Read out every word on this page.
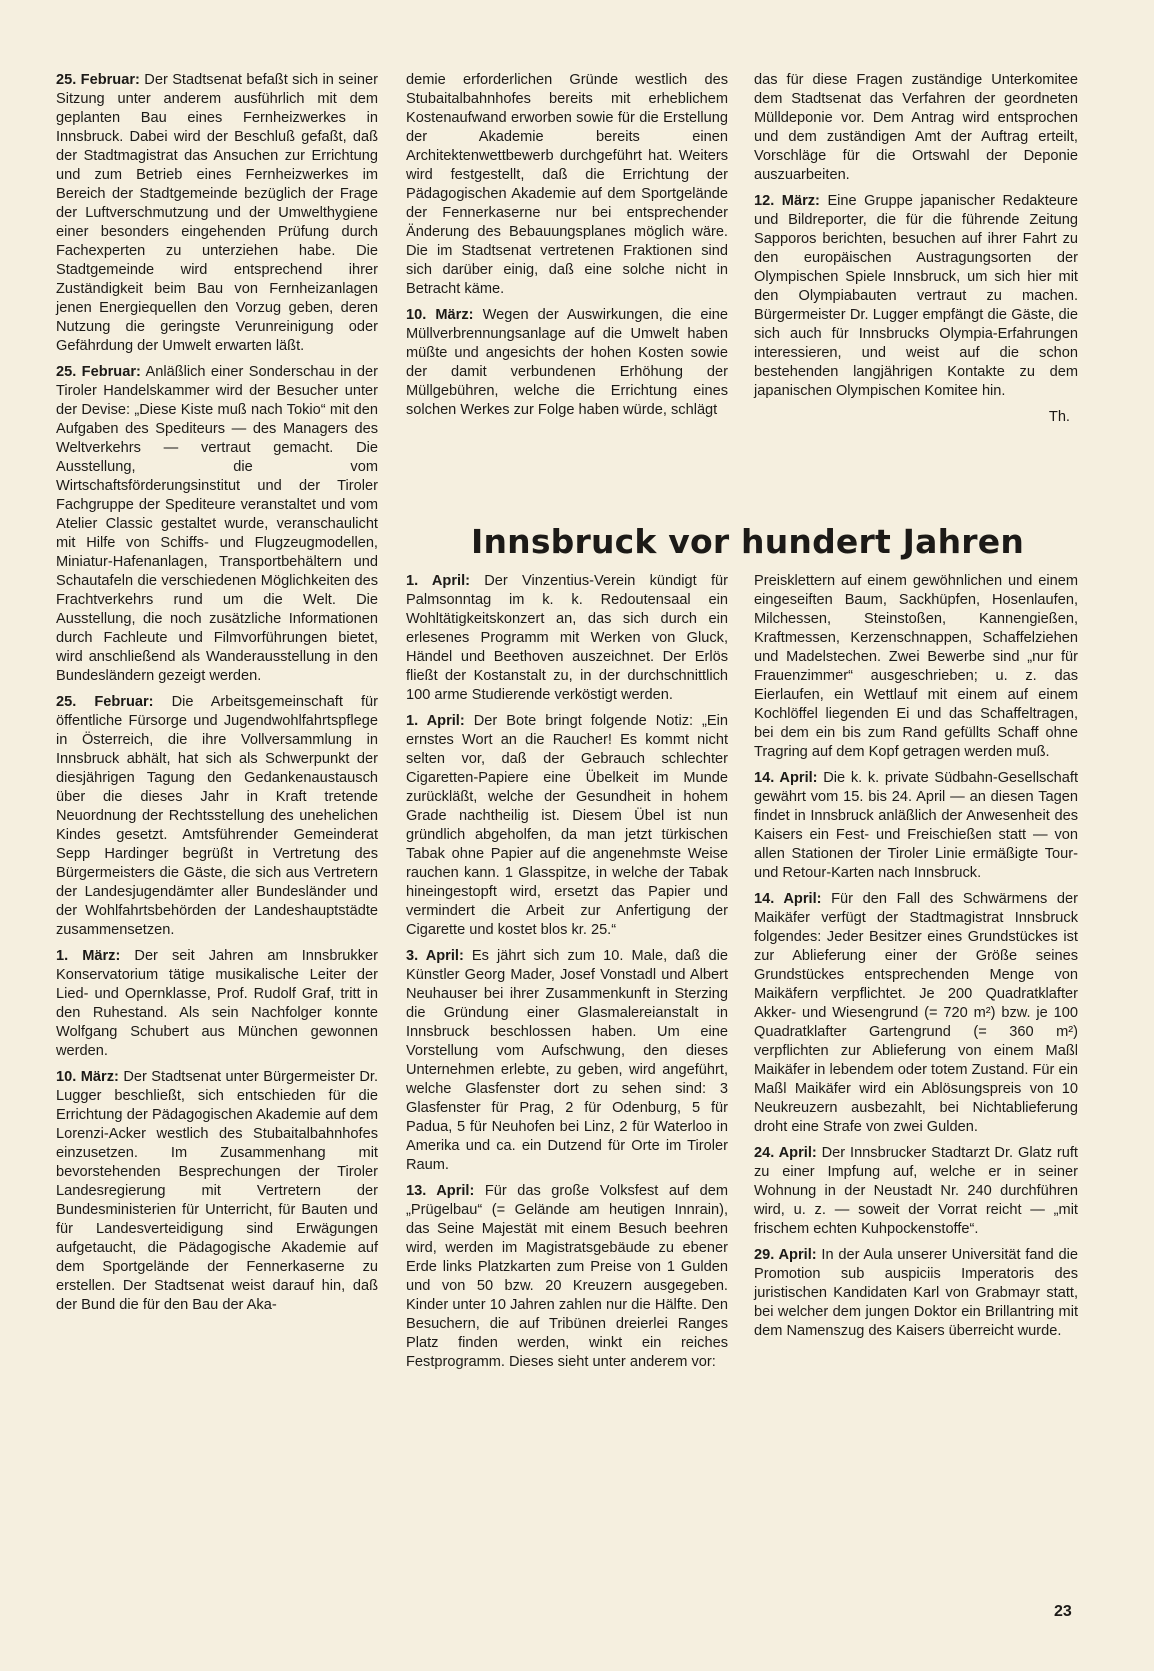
25. Februar: Der Stadtsenat befaßt sich in seiner Sitzung unter anderem ausführlich mit dem geplanten Bau eines Fernheizwerkes in Innsbruck. Dabei wird der Beschluß gefaßt, daß der Stadtmagistrat das Ansuchen zur Errichtung und zum Betrieb eines Fernheizwerkes im Bereich der Stadtgemeinde bezüglich der Frage der Luftverschmutzung und der Umwelthygiene einer besonders eingehenden Prüfung durch Fachexperten zu unterziehen habe. Die Stadtgemeinde wird entsprechend ihrer Zuständigkeit beim Bau von Fernheizanlagen jenen Energiequellen den Vorzug geben, deren Nutzung die geringste Verunreinigung oder Gefährdung der Umwelt erwarten läßt.

25. Februar: Anläßlich einer Sonderschau in der Tiroler Handelskammer wird der Besucher unter der Devise: „Diese Kiste muß nach Tokio“ mit den Aufgaben des Spediteurs — des Managers des Weltverkehrs — vertraut gemacht. Die Ausstellung, die vom Wirtschaftsförderungsinstitut und der Tiroler Fachgruppe der Spediteure veranstaltet und vom Atelier Classic gestaltet wurde, veranschaulicht mit Hilfe von Schiffs- und Flugzeugmodellen, Miniatur-Hafenanlagen, Transportbehältern und Schautafeln die verschiedenen Möglichkeiten des Frachtverkehrs rund um die Welt. Die Ausstellung, die noch zusätzliche Informationen durch Fachleute und Filmvorführungen bietet, wird anschließend als Wanderausstellung in den Bundesländern gezeigt werden.

25. Februar: Die Arbeitsgemeinschaft für öffentliche Fürsorge und Jugendwohlfahrtspflege in Österreich, die ihre Vollversammlung in Innsbruck abhält, hat sich als Schwerpunkt der diesjährigen Tagung den Gedankenaustausch über die dieses Jahr in Kraft tretende Neuordnung der Rechtsstellung des unehelichen Kindes gesetzt. Amtsführender Gemeinderat Sepp Hardinger begrüßt in Vertretung des Bürgermeisters die Gäste, die sich aus Vertretern der Landesjugendämter aller Bundesländer und der Wohlfahrtsbehörden der Landeshauptstädte zusammensetzen.

1. März: Der seit Jahren am Innsbrukker Konservatorium tätige musikalische Leiter der Lied- und Opernklasse, Prof. Rudolf Graf, tritt in den Ruhestand. Als sein Nachfolger konnte Wolfgang Schubert aus München gewonnen werden.

10. März: Der Stadtsenat unter Bürgermeister Dr. Lugger beschließt, sich entschieden für die Errichtung der Pädagogischen Akademie auf dem Lorenzi-Acker westlich des Stubaitalbahnhofes einzusetzen. Im Zusammenhang mit bevorstehenden Besprechungen der Tiroler Landesregierung mit Vertretern der Bundesministerien für Unterricht, für Bauten und für Landesverteidigung sind Erwägungen aufgetaucht, die Pädagogische Akademie auf dem Sportgelände der Fennerkaserne zu erstellen. Der Stadtsenat weist darauf hin, daß der Bund die für den Bau der Aka-

demie erforderlichen Gründe westlich des Stubaitalbahnhofes bereits mit erheblichem Kostenaufwand erworben sowie für die Erstellung der Akademie bereits einen Architektenwettbewerb durchgeführt hat. Weiters wird festgestellt, daß die Errichtung der Pädagogischen Akademie auf dem Sportgelände der Fennerkaserne nur bei entsprechender Änderung des Bebauungsplanes möglich wäre. Die im Stadtsenat vertretenen Fraktionen sind sich darüber einig, daß eine solche nicht in Betracht käme.

10. März: Wegen der Auswirkungen, die eine Müllverbrennungsanlage auf die Umwelt haben müßte und angesichts der hohen Kosten sowie der damit verbundenen Erhöhung der Müllgebühren, welche die Errichtung eines solchen Werkes zur Folge haben würde, schlägt

das für diese Fragen zuständige Unterkomitee dem Stadtsenat das Verfahren der geordneten Mülldeponie vor. Dem Antrag wird entsprochen und dem zuständigen Amt der Auftrag erteilt, Vorschläge für die Ortswahl der Deponie auszuarbeiten.

12. März: Eine Gruppe japanischer Redakteure und Bildreporter, die für die führende Zeitung Sapporos berichten, besuchen auf ihrer Fahrt zu den europäischen Austragungsorten der Olympischen Spiele Innsbruck, um sich hier mit den Olympiabauten vertraut zu machen. Bürgermeister Dr. Lugger empfängt die Gäste, die sich auch für Innsbrucks Olympia-Erfahrungen interessieren, und weist auf die schon bestehenden langjährigen Kontakte zu dem japanischen Olympischen Komitee hin.

Th.

Innsbruck vor hundert Jahren

1. April: Der Vinzentius-Verein kündigt für Palmsonntag im k. k. Redoutensaal ein Wohltätigkeitskonzert an, das sich durch ein erlesenes Programm mit Werken von Gluck, Händel und Beethoven auszeichnet. Der Erlös fließt der Kostanstalt zu, in der durchschnittlich 100 arme Studierende verköstigt werden.

1. April: Der Bote bringt folgende Notiz: „Ein ernstes Wort an die Raucher! Es kommt nicht selten vor, daß der Gebrauch schlechter Cigaretten-Papiere eine Übelkeit im Munde zurückläßt, welche der Gesundheit in hohem Grade nachtheilig ist. Diesem Übel ist nun gründlich abgeholfen, da man jetzt türkischen Tabak ohne Papier auf die angenehmste Weise rauchen kann. 1 Glasspitze, in welche der Tabak hineingestopft wird, ersetzt das Papier und vermindert die Arbeit zur Anfertigung der Cigarette und kostet blos kr. 25.“

3. April: Es jährt sich zum 10. Male, daß die Künstler Georg Mader, Josef Vonstadl und Albert Neuhauser bei ihrer Zusammenkunft in Sterzing die Gründung einer Glasmalereianstalt in Innsbruck beschlossen haben. Um eine Vorstellung vom Aufschwung, den dieses Unternehmen erlebte, zu geben, wird angeführt, welche Glasfenster dort zu sehen sind: 3 Glasfenster für Prag, 2 für Odenburg, 5 für Padua, 5 für Neuhofen bei Linz, 2 für Waterloo in Amerika und ca. ein Dutzend für Orte im Tiroler Raum.

13. April: Für das große Volksfest auf dem „Prügelbau“ (= Gelände am heutigen Innrain), das Seine Majestät mit einem Besuch beehren wird, werden im Magistratsgebäude zu ebener Erde links Platzkarten zum Preise von 1 Gulden und von 50 bzw. 20 Kreuzern ausgegeben. Kinder unter 10 Jahren zahlen nur die Hälfte. Den Besuchern, die auf Tribünen dreierlei Ranges Platz finden werden, winkt ein reiches Festprogramm. Dieses sieht unter anderem vor:

Preisklettern auf einem gewöhnlichen und einem eingeseiften Baum, Sackhüpfen, Hosenlaufen, Milchessen, Steinstoßen, Kannengießen, Kraftmessen, Kerzenschnappen, Schaffelziehen und Madelstechen. Zwei Bewerbe sind „nur für Frauenzimmer“ ausgeschrieben; u. z. das Eierlaufen, ein Wettlauf mit einem auf einem Kochlöffel liegenden Ei und das Schaffeltragen, bei dem ein bis zum Rand gefüllts Schaff ohne Tragring auf dem Kopf getragen werden muß.

14. April: Die k. k. private Südbahn-Gesellschaft gewährt vom 15. bis 24. April — an diesen Tagen findet in Innsbruck anläßlich der Anwesenheit des Kaisers ein Fest- und Freischießen statt — von allen Stationen der Tiroler Linie ermäßigte Tour- und Retour-Karten nach Innsbruck.

14. April: Für den Fall des Schwärmens der Maikäfer verfügt der Stadtmagistrat Innsbruck folgendes: Jeder Besitzer eines Grundstückes ist zur Ablieferung einer der Größe seines Grundstückes entsprechenden Menge von Maikäfern verpflichtet. Je 200 Quadratklafter Akker- und Wiesengrund (= 720 m²) bzw. je 100 Quadratklafter Gartengrund (= 360 m²) verpflichten zur Ablieferung von einem Maßl Maikäfer in lebendem oder totem Zustand. Für ein Maßl Maikäfer wird ein Ablösungspreis von 10 Neukreuzern ausbezahlt, bei Nichtablieferung droht eine Strafe von zwei Gulden.

24. April: Der Innsbrucker Stadtarzt Dr. Glatz ruft zu einer Impfung auf, welche er in seiner Wohnung in der Neustadt Nr. 240 durchführen wird, u. z. — soweit der Vorrat reicht — „mit frischem echten Kuhpockenstoffe“.

29. April: In der Aula unserer Universität fand die Promotion sub auspiciis Imperatoris des juristischen Kandidaten Karl von Grabmayr statt, bei welcher dem jungen Doktor ein Brillantring mit dem Namenszug des Kaisers überreicht wurde.

23
